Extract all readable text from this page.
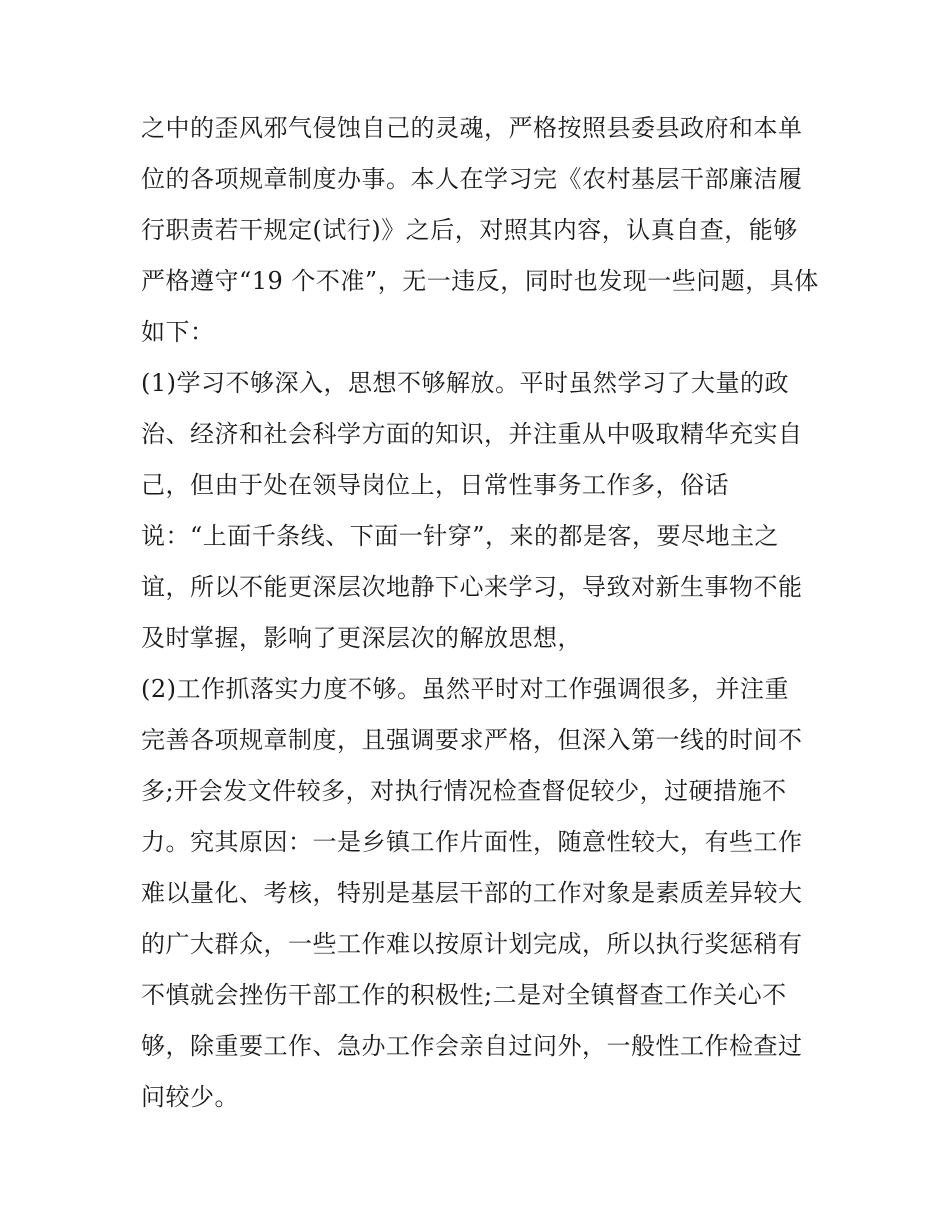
之中的歪风邪气侵蚀自己的灵魂，严格按照县委县政府和本单
位的各项规章制度办事。本人在学习完《农村基层干部廉洁履
行职责若干规定(试行)》之后，对照其内容，认真自查，能够
严格遵守“19 个不准”，无一违反，同时也发现一些问题，具体
如下：
(1)学习不够深入，思想不够解放。平时虽然学习了大量的政
治、经济和社会科学方面的知识，并注重从中吸取精华充实自
己，但由于处在领导岗位上，日常性事务工作多，俗话
说：“上面千条线、下面一针穿”，来的都是客，要尽地主之
谊，所以不能更深层次地静下心来学习，导致对新生事物不能
及时掌握，影响了更深层次的解放思想，
(2)工作抓落实力度不够。虽然平时对工作强调很多，并注重
完善各项规章制度，且强调要求严格，但深入第一线的时间不
多;开会发文件较多，对执行情况检查督促较少，过硬措施不
力。究其原因：一是乡镇工作片面性，随意性较大，有些工作
难以量化、考核，特别是基层干部的工作对象是素质差异较大
的广大群众，一些工作难以按原计划完成，所以执行奖惩稍有
不慎就会挫伤干部工作的积极性;二是对全镇督查工作关心不
够，除重要工作、急办工作会亲自过问外，一般性工作检查过
问较少。
